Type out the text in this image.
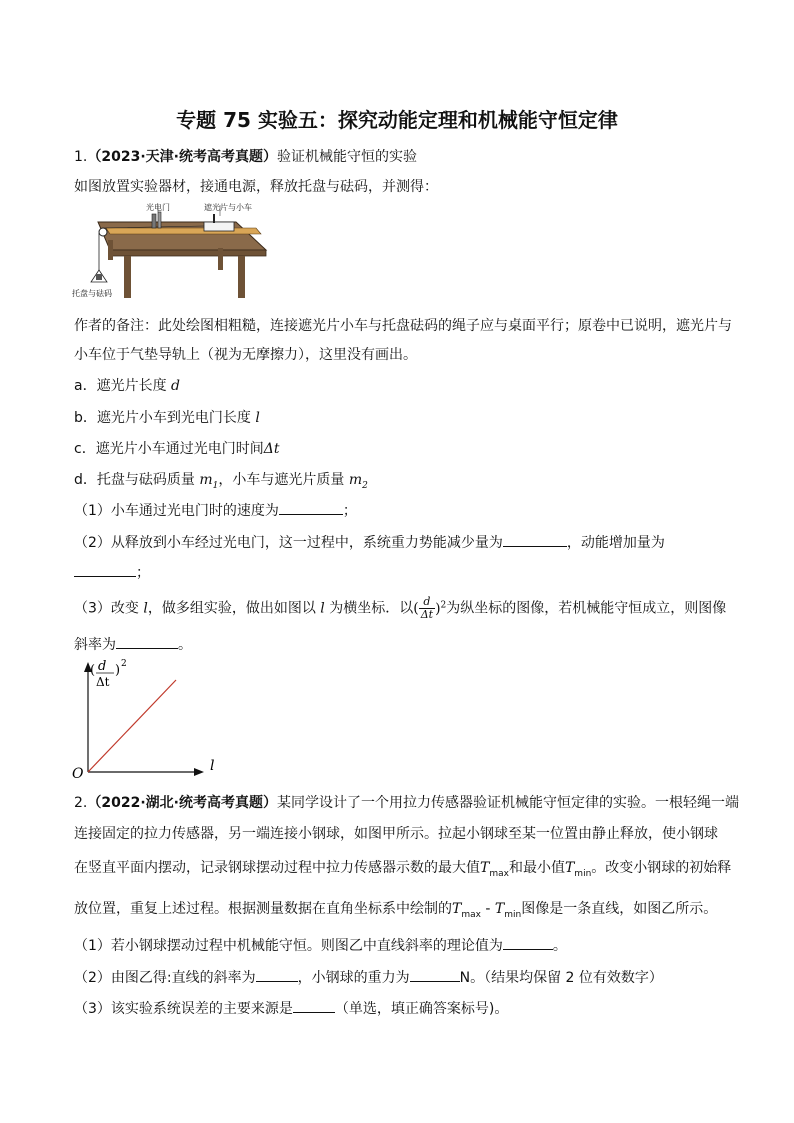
专题 75 实验五：探究动能定理和机械能守恒定律
1.（2023·天津·统考高考真题）验证机械能守恒的实验
如图放置实验器材，接通电源，释放托盘与砝码，并测得：
光电门	遮光片与小车
托盘与砝码
作者的备注：此处绘图相粗糙，连接遮光片小车与托盘砝码的绳子应与桌面平行；原卷中已说明，遮光片与
小车位于气垫导轨上（视为无摩擦力），这里没有画出。
a．遮光片长度 d
b．遮光片小车到光电门长度 l
c．遮光片小车通过光电门时间Δt
d．托盘与砝码质量 $m_1$，小车与遮光片质量 $m_2$
（1）小车通过光电门时的速度为	；
（2）从释放到小车经过光电门，这一过程中，系统重力势能减少量为	，动能增加量为
；
（3）改变 l，做多组实验，做出如图以 l 为横坐标．以( $\frac{d}{\Delta t} )^2$为纵坐标的图像，若机械能守恒成立，则图像
斜率为	。
( d
Δt
) 2
l
O
2.（2022·湖北·统考高考真题）某同学设计了一个用拉力传感器验证机械能守恒定律的实验。一根轻绳一端
连接固定的拉力传感器，另一端连接小钢球，如图甲所示。拉起小钢球至某一位置由静止释放，使小钢球
在竖直平面内摆动，记录钢球摆动过程中拉力传感器示数的最大值$T_{max}$和最小值$T_{min}$。改变小钢球的初始释
放位置，重复上述过程。根据测量数据在直角坐标系中绘制的$T_{max} - T_{min}$图像是一条直线，如图乙所示。
（1）若小钢球摆动过程中机械能守恒。则图乙中直线斜率的理论值为	。
（2）由图乙得:直线的斜率为	，小钢球的重力为	N。（结果均保留 2 位有效数字）
（3）该实验系统误差的主要来源是	（单选，填正确答案标号)。
